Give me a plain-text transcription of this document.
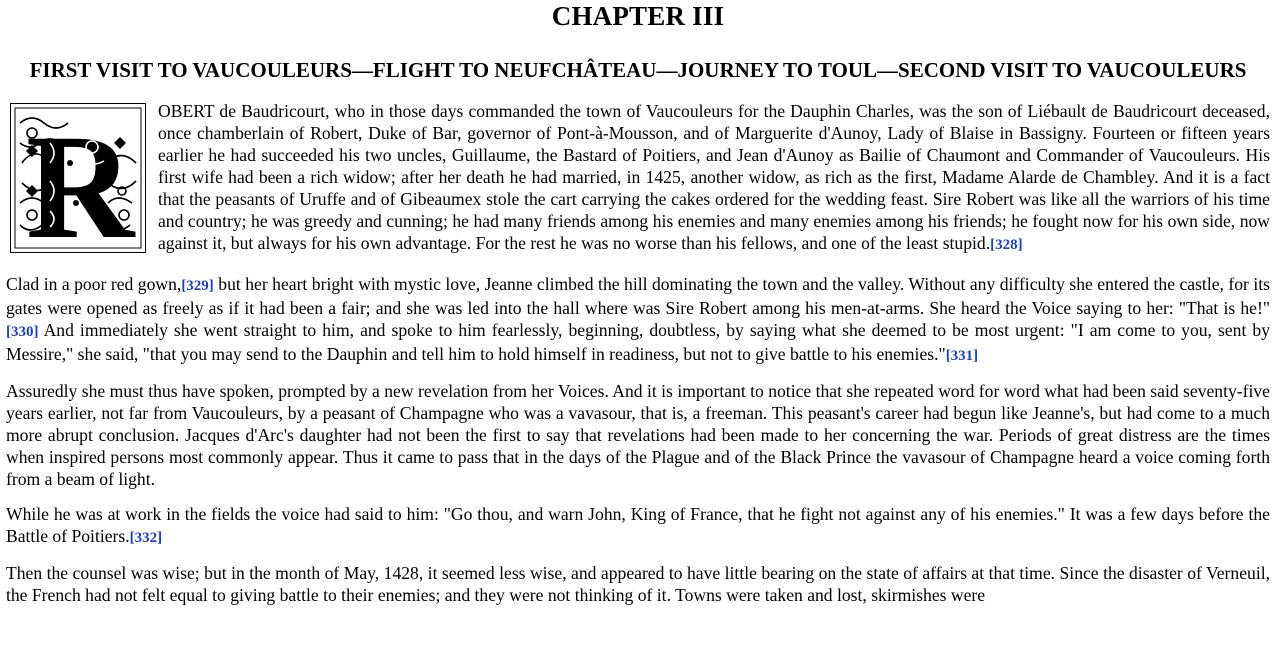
CHAPTER III
FIRST VISIT TO VAUCOULEURS—FLIGHT TO NEUFCHÂTEAU—JOURNEY TO TOUL—SECOND VISIT TO VAUCOULEURS

R OBERT de Baudricourt, who in those days commanded the town of Vaucouleurs for the Dauphin Charles, was the son of Liébault de Baudricourt deceased, once chamberlain of Robert, Duke of Bar, governor of Pont-à-Mousson, and of Marguerite d'Aunoy, Lady of Blaise in Bassigny. Fourteen or fifteen years earlier he had succeeded his two uncles, Guillaume, the Bastard of Poitiers, and Jean d'Aunoy as Bailie of Chaumont and Commander of Vaucouleurs. His first wife had been a rich widow; after her death he had married, in 1425, another widow, as rich as the first, Madame Alarde de Chambley. And it is a fact that the peasants of Uruffe and of Gibeaumex stole the cart carrying the cakes ordered for the wedding feast. Sire Robert was like all the warriors of his time and country; he was greedy and cunning; he had many friends among his enemies and many enemies among his friends; he fought now for his own side, now against it, but always for his own advantage. For the rest he was no worse than his fellows, and one of the least stupid.[328]

Clad in a poor red gown,[329] but her heart bright with mystic love, Jeanne climbed the hill dominating the town and the valley. Without any difficulty she entered the castle, for its gates were opened as freely as if it had been a fair; and she was led into the hall where was Sire Robert among his men-at-arms. She heard the Voice saying to her: "That is he!"[330] And immediately she went straight to him, and spoke to him fearlessly, beginning, doubtless, by saying what she deemed to be most urgent: "I am come to you, sent by Messire," she said, "that you may send to the Dauphin and tell him to hold himself in readiness, but not to give battle to his enemies."[331]

Assuredly she must thus have spoken, prompted by a new revelation from her Voices. And it is important to notice that she repeated word for word what had been said seventy-five years earlier, not far from Vaucouleurs, by a peasant of Champagne who was a vavasour, that is, a freeman. This peasant's career had begun like Jeanne's, but had come to a much more abrupt conclusion. Jacques d'Arc's daughter had not been the first to say that revelations had been made to her concerning the war. Periods of great distress are the times when inspired persons most commonly appear. Thus it came to pass that in the days of the Plague and of the Black Prince the vavasour of Champagne heard a voice coming forth from a beam of light.

While he was at work in the fields the voice had said to him: "Go thou, and warn John, King of France, that he fight not against any of his enemies." It was a few days before the Battle of Poitiers.[332]

Then the counsel was wise; but in the month of May, 1428, it seemed less wise, and appeared to have little bearing on the state of affairs at that time. Since the disaster of Verneuil, the French had not felt equal to giving battle to their enemies; and they were not thinking of it. Towns were taken and lost, skirmishes were
